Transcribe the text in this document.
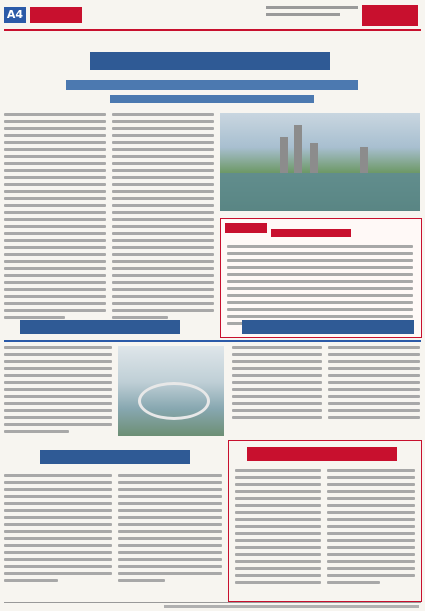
A4
